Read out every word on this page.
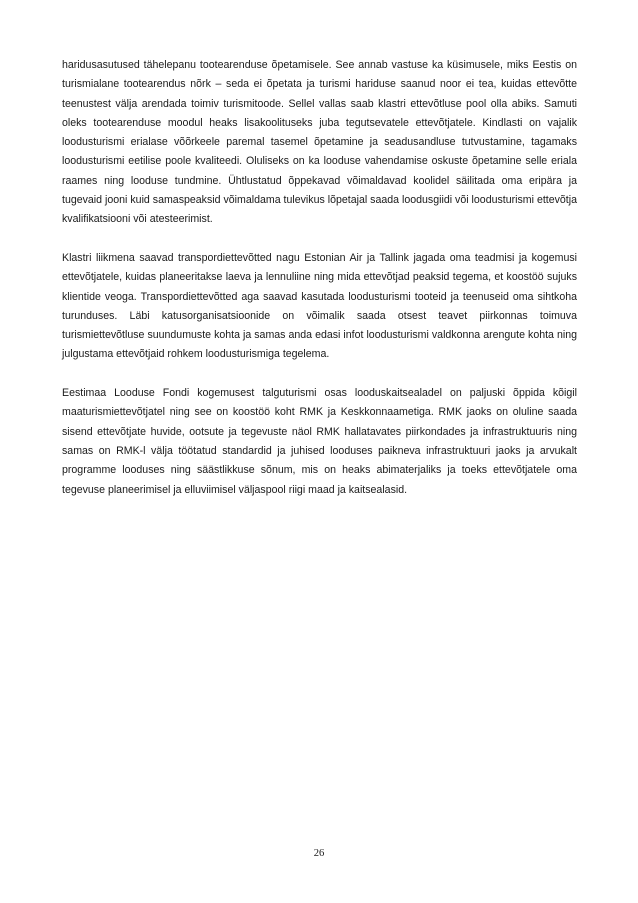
haridusasutused tähelepanu tootearenduse õpetamisele. See annab vastuse ka küsimusele, miks Eestis on turismialane tootearendus nõrk – seda ei õpetata ja turismi hariduse saanud noor ei tea, kuidas ettevõtte teenustest välja arendada toimiv turismitoode. Sellel vallas saab klastri ettevõtluse pool olla abiks. Samuti oleks tootearenduse moodul heaks lisakoolituseks juba tegutsevatele ettevõtjatele. Kindlasti on vajalik loodusturismi erialase võõrkeele paremal tasemel õpetamine ja seadusandluse tutvustamine, tagamaks loodusturismi eetilise poole kvaliteedi. Oluliseks on ka looduse vahendamise oskuste õpetamine selle eriala raames ning looduse tundmine. Ühtlustatud õppekavad võimaldavad koolidel säilitada oma eripära ja tugevaid jooni kuid samaspeaksid võimaldama tulevikus lõpetajal saada loodusgiidi või loodusturismi ettevõtja kvalifikatsiooni või atesteerimist.

Klastri liikmena saavad transpordiettevõtted nagu Estonian Air ja Tallink jagada oma teadmisi ja kogemusi ettevõtjatele, kuidas planeeritakse laeva ja lennuliine ning mida ettevõtjad peaksid tegema, et koostöö sujuks klientide veoga. Transpordiettevõtted aga saavad kasutada loodusturismi tooteid ja teenuseid oma sihtkoha turunduses. Läbi katusorganisatsioonide on võimalik saada otsest teavet piirkonnas toimuva turismiettevõtluse suundumuste kohta ja samas anda edasi infot loodusturismi valdkonna arengute kohta ning julgustama ettevõtjaid rohkem loodusturismiga tegelema.

Eestimaa Looduse Fondi kogemusest talguturismi osas looduskaitsealadel on paljuski õppida kõigil maaturismiettevõtjatel ning see on koostöö koht RMK ja Keskkonnaametiga. RMK jaoks on oluline saada sisend ettevõtjate huvide, ootsute ja tegevuste näol RMK hallatavates piirkondades ja infrastruktuuris ning samas on RMK-l välja töötatud standardid ja juhised looduses paikneva infrastruktuuri jaoks ja arvukalt programme looduses ning säästlikkuse sõnum, mis on heaks abimaterjaliks ja toeks ettevõtjatele oma tegevuse planeerimisel ja elluviimisel väljaspool riigi maad ja kaitsealasid.

26
